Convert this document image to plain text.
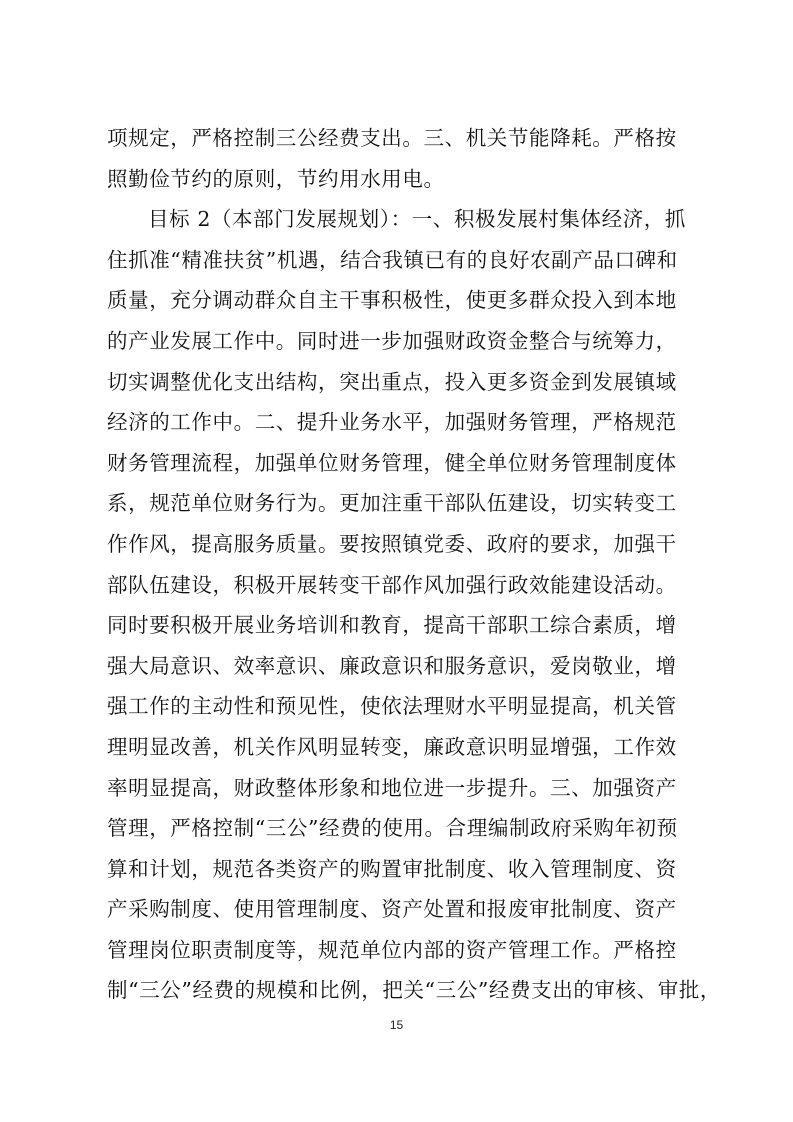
项规定，严格控制三公经费支出。三、机关节能降耗。严格按
照勤俭节约的原则，节约用水用电。
目标 2（本部门发展规划）：一、积极发展村集体经济，抓
住抓准“精准扶贫”机遇，结合我镇已有的良好农副产品口碑和
质量，充分调动群众自主干事积极性，使更多群众投入到本地
的产业发展工作中。同时进一步加强财政资金整合与统筹力，
切实调整优化支出结构，突出重点，投入更多资金到发展镇域
经济的工作中。二、提升业务水平，加强财务管理，严格规范
财务管理流程，加强单位财务管理，健全单位财务管理制度体
系，规范单位财务行为。更加注重干部队伍建设，切实转变工
作作风，提高服务质量。要按照镇党委、政府的要求，加强干
部队伍建设，积极开展转变干部作风加强行政效能建设活动。
同时要积极开展业务培训和教育，提高干部职工综合素质，增
强大局意识、效率意识、廉政意识和服务意识，爱岗敬业，增
强工作的主动性和预见性，使依法理财水平明显提高，机关管
理明显改善，机关作风明显转变，廉政意识明显增强，工作效
率明显提高，财政整体形象和地位进一步提升。三、加强资产
管理，严格控制“三公”经费的使用。合理编制政府采购年初预
算和计划，规范各类资产的购置审批制度、收入管理制度、资
产采购制度、使用管理制度、资产处置和报废审批制度、资产
管理岗位职责制度等，规范单位内部的资产管理工作。严格控
制“三公”经费的规模和比例，把关“三公”经费支出的审核、审批，
15
